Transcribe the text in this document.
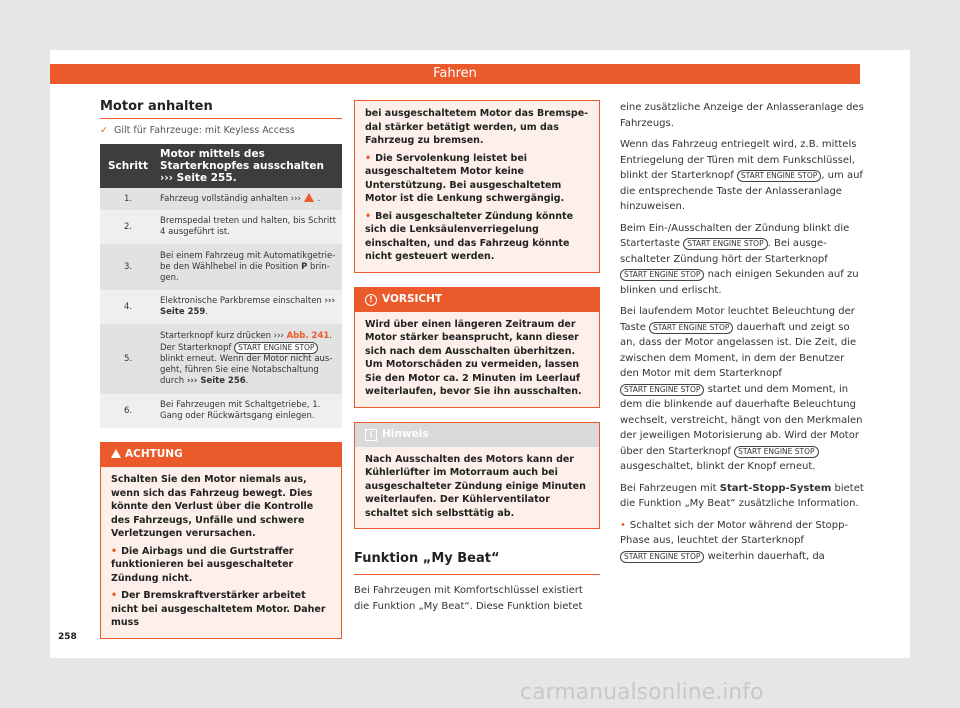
Fahren
Motor anhalten
✓ Gilt für Fahrzeuge: mit Keyless Access
Schritt	Motor mittels des Starterknopfes ausschalten ››› Seite 255.
1.	Fahrzeug vollständig anhalten ››› .
2.	Bremspedal treten und halten, bis Schritt 4 ausgeführt ist.
3.	Bei einem Fahrzeug mit Automatikgetriebe den Wählhebel in die Position P bringen.
4.	Elektronische Parkbremse einschalten ››› Seite 259.
5.	Starterknopf kurz drücken ››› Abb. 241. Der Starterknopf START ENGINE STOP blinkt erneut. Wenn der Motor nicht ausgeht, führen Sie eine Notabschaltung durch ››› Seite 256.
6.	Bei Fahrzeugen mit Schaltgetriebe, 1. Gang oder Rückwärtsgang einlegen.
ACHTUNG

Schalten Sie den Motor niemals aus, wenn sich das Fahrzeug bewegt. Dies könnte den Verlust über die Kontrolle des Fahrzeugs, Unfälle und schwere Verletzungen verursachen.

• Die Airbags und die Gurtstraffer funktionieren bei ausgeschalteter Zündung nicht.

• Der Bremskraftverstärker arbeitet nicht bei ausgeschaltetem Motor. Daher muss

bei ausgeschaltetem Motor das Bremspedal stärker betätigt werden, um das Fahrzeug zu bremsen.

• Die Servolenkung leistet bei ausgeschaltetem Motor keine Unterstützung. Bei ausgeschaltetem Motor ist die Lenkung schwergängig.

• Bei ausgeschalteter Zündung könnte sich die Lenksäulenverriegelung einschalten, und das Fahrzeug könnte nicht gesteuert werden.

! VORSICHT
Wird über einen längeren Zeitraum der Motor stärker beansprucht, kann dieser sich nach dem Ausschalten überhitzen. Um Motorschäden zu vermeiden, lassen Sie den Motor ca. 2 Minuten im Leerlauf weiterlaufen, bevor Sie ihn ausschalten.
i Hinweis
Nach Ausschalten des Motors kann der Kühlerlüfter im Motorraum auch bei ausgeschalteter Zündung einige Minuten weiterlaufen. Der Kühlerventilator schaltet sich selbsttätig ab.
Funktion „My Beat“

Bei Fahrzeugen mit Komfortschlüssel existiert die Funktion „My Beat“. Diese Funktion bietet

eine zusätzliche Anzeige der Anlasseranlage des Fahrzeugs.

Wenn das Fahrzeug entriegelt wird, z.B. mittels Entriegelung der Türen mit dem Funkschlüssel, blinkt der Starterknopf START ENGINE STOP , um auf die entsprechende Taste der Anlasseranlage hinzuweisen.

Beim Ein-/Ausschalten der Zündung blinkt die Startertaste START ENGINE STOP . Bei ausgeschalteter Zündung hört der Starterknopf START ENGINE STOP nach einigen Sekunden auf zu blinken und erlischt.

Bei laufendem Motor leuchtet Beleuchtung der Taste START ENGINE STOP dauerhaft und zeigt so an, dass der Motor angelassen ist. Die Zeit, die zwischen dem Moment, in dem der Benutzer den Motor mit dem Starterknopf START ENGINE STOP startet und dem Moment, in dem die blinkende auf dauerhafte Beleuchtung wechselt, verstreicht, hängt von den Merkmalen der jeweiligen Motorisierung ab. Wird der Motor über den Starterknopf START ENGINE STOP ausgeschaltet, blinkt der Knopf erneut.

Bei Fahrzeugen mit Start-Stopp-System bietet die Funktion „My Beat“ zusätzliche Information.

• Schaltet sich der Motor während der Stopp-Phase aus, leuchtet der Starterknopf START ENGINE STOP weiterhin dauerhaft, da

258
carmanualsonline.info
